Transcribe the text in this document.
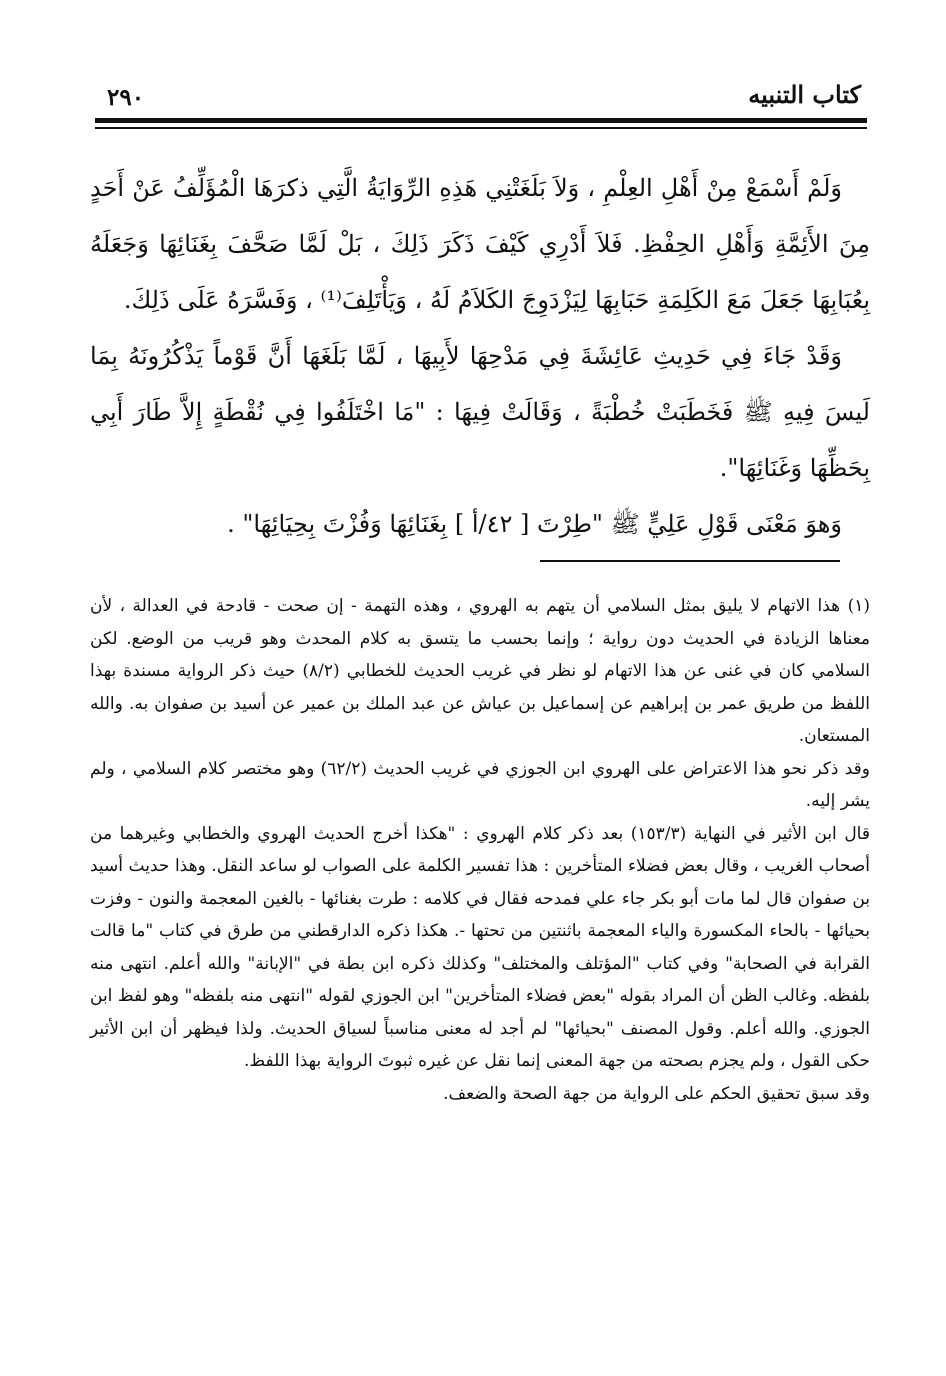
٢٩٠	كتاب التنبيه

وَلَمْ أَسْمَعْ مِنْ أَهْلِ العِلْمِ ، وَلاَ بَلَغَتْنِي هَذِهِ الرِّوَايَةُ الَّتِي ذكرَهَا الْمُؤَلِّفُ عَنْ أَحَدٍ مِنَ الأَئِمَّةِ وَأَهْلِ الحِفْظِ. فَلاَ أَدْرِي كَيْفَ ذَكَرَ ذَلِكَ ، بَلْ لَمَّا صَحَّفَ بِغَنَائِهَا وَجَعَلَهُ بِعُبَابِهَا جَعَلَ مَعَ الكَلِمَةِ حَبَابِهَا لِيَزْدَوِجَ الكَلاَمُ لَهُ ، وَيَأْتَلِفَ⁽¹⁾ ، وَفَسَّرَهُ عَلَى ذَلِكَ.

وَقَدْ جَاءَ فِي حَدِيثِ عَائِشَةَ فِي مَدْحِهَا لأَبِيهَا ، لَمَّا بَلَغَهَا أَنَّ قَوْماً يَذْكُرُونَهُ بِمَا لَيسَ فِيهِ ﷺ فَخَطَبَتْ خُطْبَةً ، وَقَالَتْ فِيهَا : "مَا اخْتَلَفُوا فِي نُقْطَةٍ إِلاَّ طَارَ أَبِي بِحَظِّهَا وَغَنَائِهَا".

وَهوَ مَعْنَى قَوْلِ عَلِيٍّ ﷺ "طِرْتَ [ ٤٢/أ ] بِغَنَائِهَا وَفُزْتَ بِحِيَائِهَا" .

(١) هذا الاتهام لا يليق بمثل السلامي أن يتهم به الهروي ، وهذه التهمة - إن صحت - قادحة في العدالة ، لأن معناها الزيادة في الحديث دون رواية ؛ وإنما بحسب ما يتسق به كلام المحدث وهو قريب من الوضع. لكن السلامي كان في غنى عن هذا الاتهام لو نظر في غريب الحديث للخطابي (٨/٢) حيث ذكر الرواية مسندة بهذا اللفظ من طريق عمر بن إبراهيم عن إسماعيل بن عياش عن عبد الملك بن عمير عن أسيد بن صفوان به. والله المستعان.

وقد ذكر نحو هذا الاعتراض على الهروي ابن الجوزي في غريب الحديث (٦٢/٢) وهو مختصر كلام السلامي ، ولم يشر إليه.

قال ابن الأثير في النهاية (١٥٣/٣) بعد ذكر كلام الهروي : "هكذا أخرج الحديث الهروي والخطابي وغيرهما من أصحاب الغريب ، وقال بعض فضلاء المتأخرين : هذا تفسير الكلمة على الصواب لو ساعد النقل. وهذا حديث أسيد بن صفوان قال لما مات أبو بكر جاء علي فمدحه فقال في كلامه : طرت بغنائها - بالغين المعجمة والنون - وفزت بحيائها - بالحاء المكسورة والياء المعجمة باثنتين من تحتها -. هكذا ذكره الدارقطني من طرق في كتاب "ما قالت القرابة في الصحابة" وفي كتاب "المؤتلف والمختلف" وكذلك ذكره ابن بطة في "الإبانة" والله أعلم. انتهى منه بلفظه. وغالب الظن أن المراد بقوله "بعض فضلاء المتأخرين" ابن الجوزي لقوله "انتهى منه بلفظه" وهو لفظ ابن الجوزي. والله أعلم. وقول المصنف "بحيائها" لم أجد له معنى مناسباً لسياق الحديث. ولذا فيظهر أن ابن الأثير حكى القول ، ولم يجزم بصحته من جهة المعنى إنما نقل عن غيره ثبوتَ الرواية بهذا اللفظ.

وقد سبق تحقيق الحكم على الرواية من جهة الصحة والضعف.
